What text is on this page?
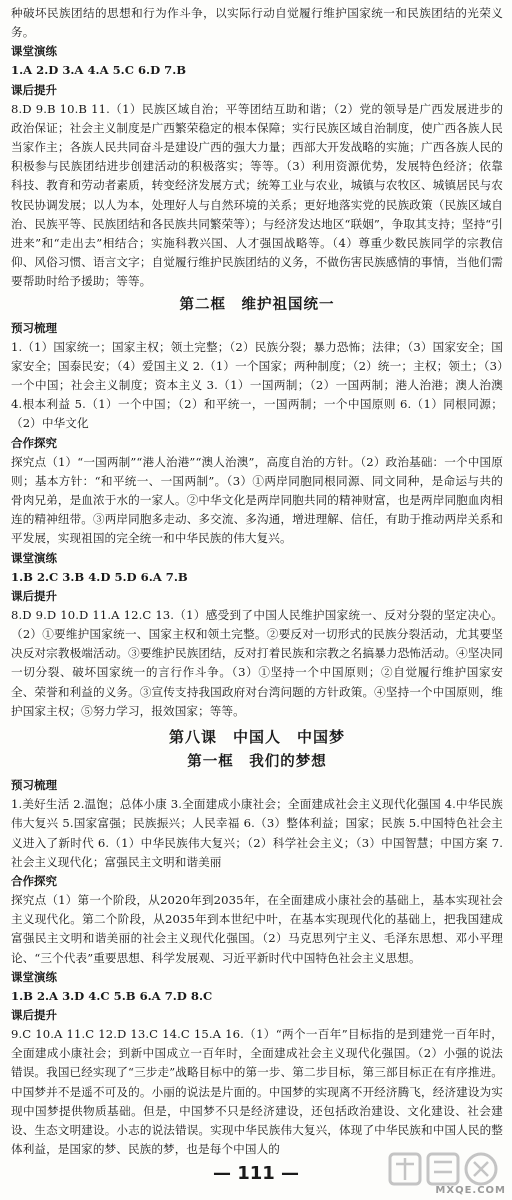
种破坏民族团结的思想和行为作斗争，以实际行动自觉履行维护国家统一和民族团结的光荣义务。

课堂演练

1.A 2.D 3.A 4.A 5.C 6.D 7.B

课后提升

8.D 9.B 10.B 11.（1）民族区域自治；平等团结互助和谐；（2）党的领导是广西发展进步的政治保证；社会主义制度是广西繁荣稳定的根本保障；实行民族区域自治制度，使广西各族人民当家作主；各族人民共同奋斗是建设广西的强大力量；西部大开发战略的实施；广西各族人民的积极参与民族团结进步创建活动的积极落实；等等。（3）利用资源优势，发展特色经济；依靠科技、教育和劳动者素质，转变经济发展方式；统筹工业与农业，城镇与农牧区、城镇居民与农牧民协调发展；以人为本，处理好人与自然环境的关系；更好地落实党的民族政策（民族区域自治、民族平等、民族团结和各民族共同繁荣等）；与经济发达地区“联姻”，争取其支持；坚持“引进来”和“走出去”相结合；实施科教兴国、人才强国战略等。（4）尊重少数民族同学的宗教信仰、风俗习惯、语言文字；自觉履行维护民族团结的义务，不做伤害民族感情的事情，当他们需要帮助时给予援助；等等。

第二框　维护祖国统一

预习梳理

1.（1）国家统一；国家主权；领土完整；（2）民族分裂；暴力恐怖；法律；（3）国家安全；国家安全；国泰民安；（4）爱国主义 2.（1）一个国家；两种制度；（2）统一；主权；领土；（3）一个中国；社会主义制度；资本主义 3.（1）一国两制；（2）一国两制；港人治港；澳人治澳 4.根本利益 5.（1）一个中国；（2）和平统一，一国两制；一个中国原则 6.（1）同根同源；（2）中华文化

合作探究

探究点（1）“一国两制”“港人治港”“澳人治澳”，高度自治的方针。（2）政治基础：一个中国原则；基本方针：“和平统一、一国两制”。（3）①两岸同胞同根同源、同文同种，是命运与共的骨肉兄弟，是血浓于水的一家人。②中华文化是两岸同胞共同的精神财富，也是两岸同胞血肉相连的精神纽带。③两岸同胞多走动、多交流、多沟通，增进理解、信任，有助于推动两岸关系和平发展，实现祖国的完全统一和中华民族的伟大复兴。

课堂演练

1.B 2.C 3.B 4.D 5.D 6.A 7.B

课后提升

8.D 9.D 10.D 11.A 12.C 13.（1）感受到了中国人民维护国家统一、反对分裂的坚定决心。（2）①要维护国家统一、国家主权和领土完整。②要反对一切形式的民族分裂活动，尤其要坚决反对宗教极端活动。③要维护民族团结，反对打着民族和宗教之名搞暴力恐怖活动。④坚决同一切分裂、破坏国家统一的言行作斗争。（3）①坚持一个中国原则；②自觉履行维护国家安全、荣誉和利益的义务。③宣传支持我国政府对台湾问题的方针政策。④坚持一个中国原则，维护国家主权；⑤努力学习，报效国家；等等。

第八课　中国人　中国梦

第一框　我们的梦想

预习梳理

1.美好生活 2.温饱；总体小康 3.全面建成小康社会；全面建成社会主义现代化强国 4.中华民族伟大复兴 5.国家富强；民族振兴；人民幸福 6.（3）整体利益；国家；民族 5.中国特色社会主义进入了新时代 6.（1）中华民族伟大复兴；（2）科学社会主义；（3）中国智慧；中国方案 7.社会主义现代化；富强民主文明和谐美丽

合作探究

探究点（1）第一个阶段，从2020年到2035年，在全面建成小康社会的基础上，基本实现社会主义现代化。第二个阶段，从2035年到本世纪中叶，在基本实现现代化的基础上，把我国建成富强民主文明和谐美丽的社会主义现代化强国。（2）马克思列宁主义、毛泽东思想、邓小平理论、“三个代表”重要思想、科学发展观、习近平新时代中国特色社会主义思想。

课堂演练

1.B 2.A 3.D 4.C 5.B 6.A 7.D 8.C

课后提升

9.C 10.A 11.C 12.D 13.C 14.C 15.A 16.（1）“两个一百年”目标指的是到建党一百年时，全面建成小康社会；到新中国成立一百年时，全面建成社会主义现代化强国。（2）小强的说法错误。我国已经实现了“三步走”战略目标中的第一步、第二步目标，第三部目标正在有序推进。中国梦并不是遥不可及的。小丽的说法是片面的。中国梦的实现离不开经济腾飞，经济建设为实现中国梦提供物质基础。但是，中国梦不只是经济建设，还包括政治建设、文化建设、社会建设、生态文明建设。小志的说法错误。实现中华民族伟大复兴，体现了中华民族和中国人民的整体利益，是国家的梦、民族的梦，也是每个中国人的

— 111 —
MXQE.COM
